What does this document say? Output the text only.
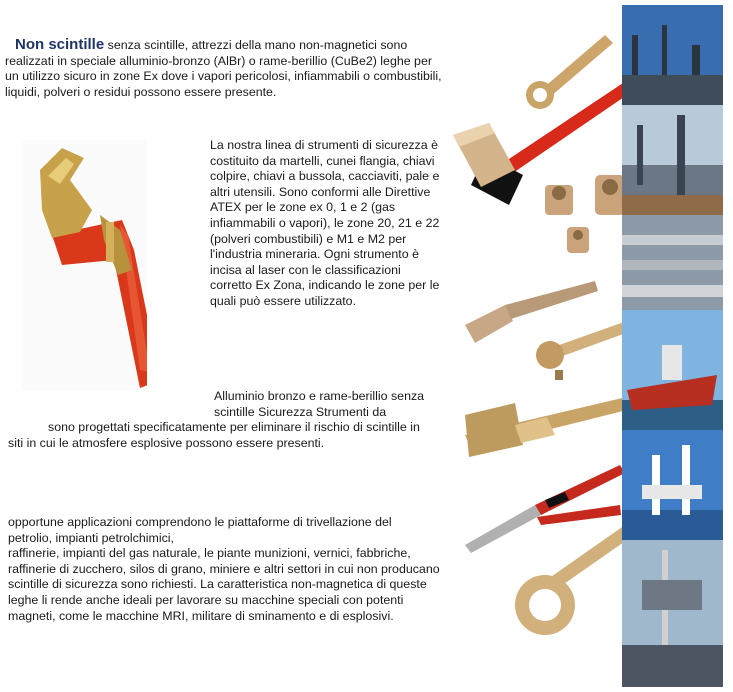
Non scintille senza scintille, attrezzi della mano non-magnetici sono realizzati in speciale alluminio-bronzo (AlBr) o rame-berillio (CuBe2) leghe per un utilizzo sicuro in zone Ex dove i vapori pericolosi, infiammabili o combustibili, liquidi, polveri o residui possono essere presente.

La nostra linea di strumenti di sicurezza è costituito da martelli, cunei flangia, chiavi colpire, chiavi a bussola, cacciaviti, pale e altri utensili. Sono conformi alle Direttive ATEX per le zone ex 0, 1 e 2 (gas infiammabili o vapori), le zone 20, 21 e 22 (polveri combustibili) e M1 e M2 per l'industria mineraria. Ogni strumento è incisa al laser con le classificazioni corretto Ex Zona, indicando le zone per le quali può essere utilizzato.

Alluminio bronzo e rame-berillio senza

scintille Sicurezza Strumenti da

sono progettati specificatamente per eliminare il rischio di scintille in

siti in cui le atmosfere esplosive possono essere presenti.

opportune applicazioni comprendono le piattaforme di trivellazione del

petrolio, impianti petrolchimici,

raffinerie, impianti del gas naturale, le piante munizioni, vernici, fabbriche, raffinerie di zucchero, silos di grano, miniere e altri settori in cui non producano scintille di sicurezza sono richiesti. La caratteristica non-magnetica di queste leghe li rende anche ideali per lavorare su macchine speciali con potenti magneti, come le macchine MRI, militare di sminamento e di esplosivi.
